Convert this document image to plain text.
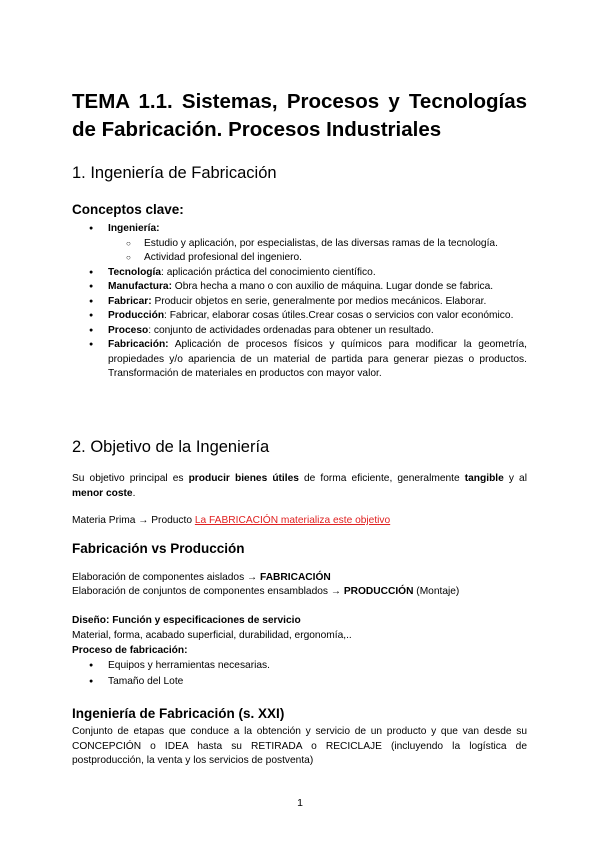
TEMA 1.1. Sistemas, Procesos y Tecnologías
de Fabricación. Procesos Industriales
1. Ingeniería de Fabricación
Conceptos clave:
● Ingeniería:
○ Estudio y aplicación, por especialistas, de las diversas ramas de la tecnología.
○ Actividad profesional del ingeniero.
● Tecnología: aplicación práctica del conocimiento científico.
● Manufactura: Obra hecha a mano o con auxilio de máquina. Lugar donde se fabrica.
● Fabricar: Producir objetos en serie, generalmente por medios mecánicos. Elaborar.
● Producción: Fabricar, elaborar cosas útiles.Crear cosas o servicios con valor económico.
● Proceso: conjunto de actividades ordenadas para obtener un resultado.
● Fabricación: Aplicación de procesos físicos y químicos para modificar la geometría, propiedades y/o apariencia de un material de partida para generar piezas o productos. Transformación de materiales en productos con mayor valor.
2. Objetivo de la Ingeniería
Su objetivo principal es producir bienes útiles de forma eficiente, generalmente tangible y al menor coste.
Materia Prima → Producto La FABRICACIÓN materializa este objetivo
Fabricación vs Producción
Elaboración de componentes aislados → FABRICACIÓN
Elaboración de conjuntos de componentes ensamblados → PRODUCCIÓN (Montaje)
Diseño: Función y especificaciones de servicio
Material, forma, acabado superficial, durabilidad, ergonomía,..
Proceso de fabricación:
● Equipos y herramientas necesarias.
● Tamaño del Lote
Ingeniería de Fabricación (s. XXI)
Conjunto de etapas que conduce a la obtención y servicio de un producto y que van desde su CONCEPCIÓN o IDEA hasta su RETIRADA o RECICLAJE (incluyendo la logística de postproducción, la venta y los servicios de postventa)
1
